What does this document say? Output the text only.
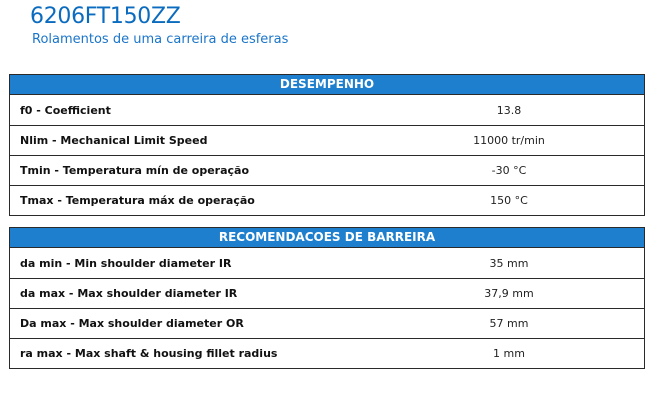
6206FT150ZZ
Rolamentos de uma carreira de esferas
DESEMPENHO
f0 - Coefficient	13.8
Nlim - Mechanical Limit Speed	11000 tr/min
Tmin - Temperatura mín de operação	-30 °C
Tmax - Temperatura máx de operação	150 °C
RECOMENDACOES DE BARREIRA
da min - Min shoulder diameter IR	35 mm
da max - Max shoulder diameter IR	37,9 mm
Da max - Max shoulder diameter OR	57 mm
ra max - Max shaft & housing fillet radius	1 mm
